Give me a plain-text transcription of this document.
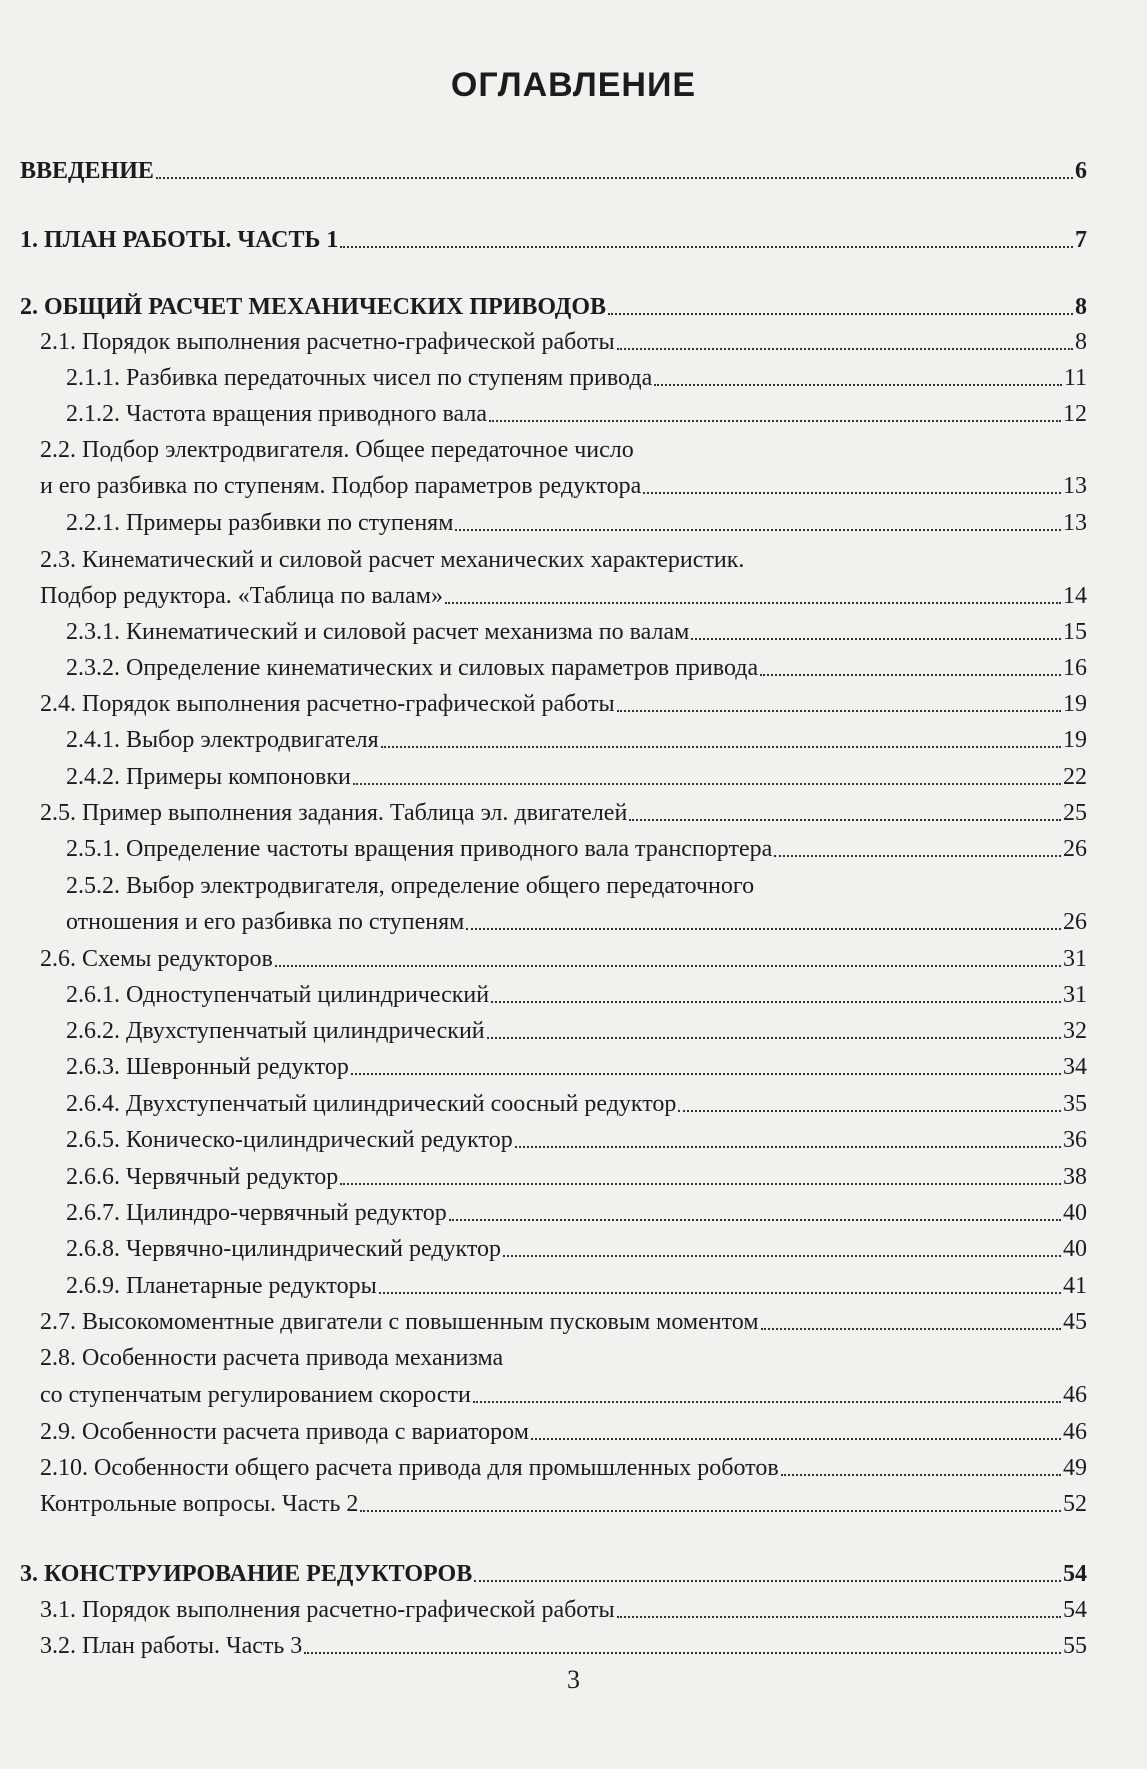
ОГЛАВЛЕНИЕ
ВВЕДЕНИЕ	6
1. ПЛАН РАБОТЫ. ЧАСТЬ 1	7
2. ОБЩИЙ РАСЧЕТ МЕХАНИЧЕСКИХ ПРИВОДОВ	8
2.1. Порядок выполнения расчетно-графической работы	8
2.1.1. Разбивка передаточных чисел по ступеням привода	11
2.1.2. Частота вращения приводного вала	12
2.2. Подбор электродвигателя. Общее передаточное число
и его разбивка по ступеням. Подбор параметров редуктора	13
2.2.1. Примеры разбивки по ступеням	13
2.3. Кинематический и силовой расчет механических характеристик.
Подбор редуктора. «Таблица по валам»	14
2.3.1. Кинематический и силовой расчет механизма по валам	15
2.3.2. Определение кинематических и силовых параметров привода	16
2.4. Порядок выполнения расчетно-графической работы	19
2.4.1. Выбор электродвигателя	19
2.4.2. Примеры компоновки	22
2.5. Пример выполнения задания. Таблица эл. двигателей	25
2.5.1. Определение частоты вращения приводного вала транспортера	26
2.5.2. Выбор электродвигателя, определение общего передаточного
отношения и его разбивка по ступеням	26
2.6. Схемы редукторов	31
2.6.1. Одноступенчатый цилиндрический	31
2.6.2. Двухступенчатый цилиндрический	32
2.6.3. Шевронный редуктор	34
2.6.4. Двухступенчатый цилиндрический соосный редуктор	35
2.6.5. Коническо-цилиндрический редуктор	36
2.6.6. Червячный редуктор	38
2.6.7. Цилиндро-червячный редуктор	40
2.6.8. Червячно-цилиндрический редуктор	40
2.6.9. Планетарные редукторы	41
2.7. Высокомоментные двигатели с повышенным пусковым моментом	45
2.8. Особенности расчета привода механизма
со ступенчатым регулированием скорости	46
2.9. Особенности расчета привода с вариатором	46
2.10. Особенности общего расчета привода для промышленных роботов	49
Контрольные вопросы. Часть 2	52
3. КОНСТРУИРОВАНИЕ РЕДУКТОРОВ	54
3.1. Порядок выполнения расчетно-графической работы	54
3.2. План работы. Часть 3	55
3
